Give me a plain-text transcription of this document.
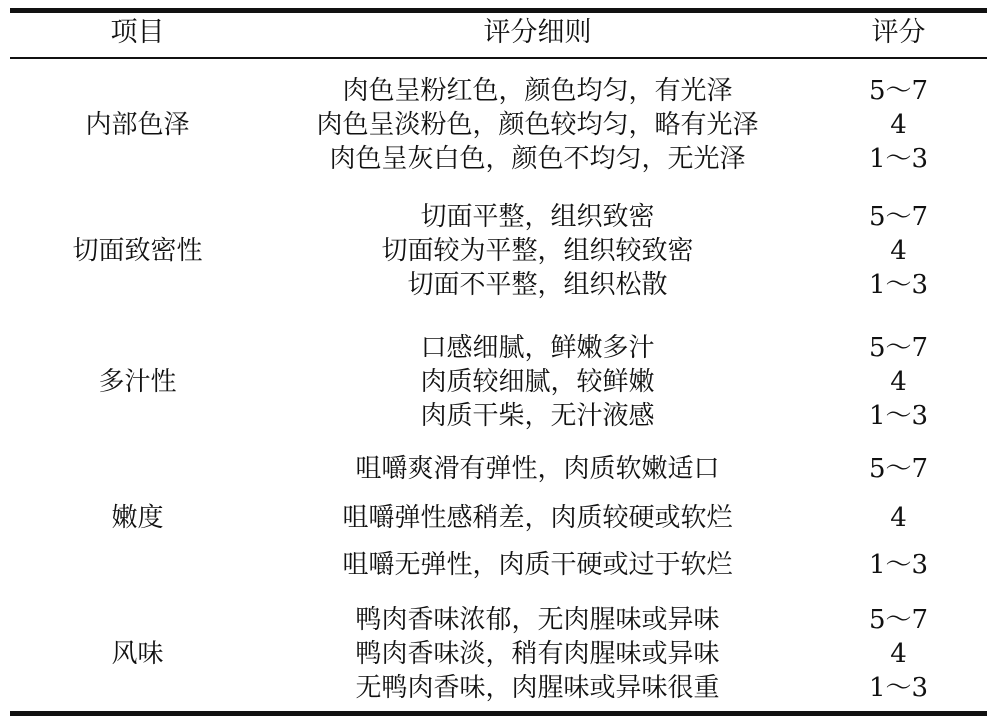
项目	评分细则	评分
内部色泽
肉色呈粉红色，颜色均匀，有光泽	5～7
肉色呈淡粉色，颜色较均匀，略有光泽	4
肉色呈灰白色，颜色不均匀，无光泽	1～3
切面致密性
切面平整，组织致密	5～7
切面较为平整，组织较致密	4
切面不平整，组织松散	1～3
多汁性
口感细腻，鲜嫩多汁	5～7
肉质较细腻，较鲜嫩	4
肉质干柴，无汁液感	1～3
嫩度
咀嚼爽滑有弹性，肉质软嫩适口	5～7
咀嚼弹性感稍差，肉质较硬或软烂	4
咀嚼无弹性，肉质干硬或过于软烂	1～3
风味
鸭肉香味浓郁，无肉腥味或异味	5～7
鸭肉香味淡，稍有肉腥味或异味	4
无鸭肉香味，肉腥味或异味很重	1～3
